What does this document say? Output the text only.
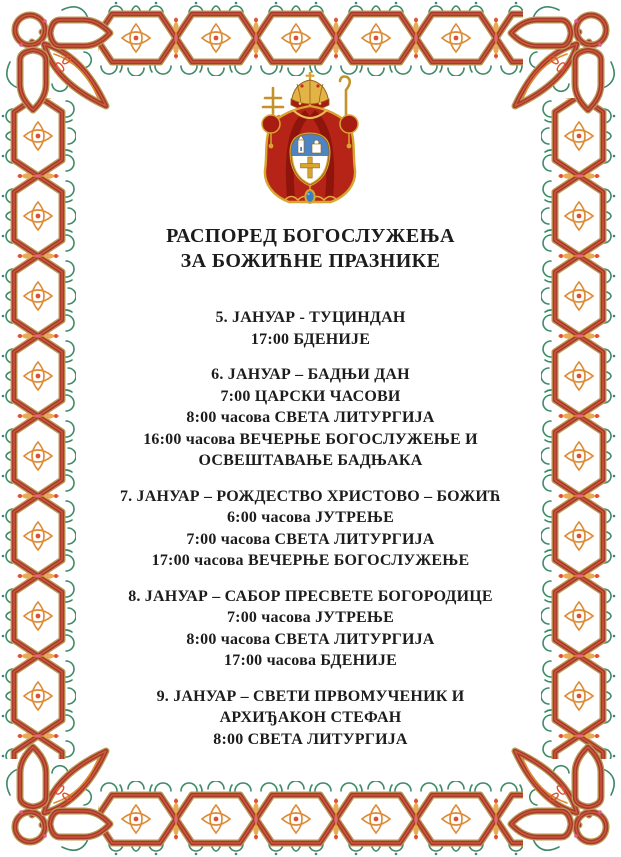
РАСПОРЕД БОГОСЛУЖЕЊА
ЗА БОЖИЋНЕ ПРАЗНИКЕ
5. ЈАНУАР - ТУЦИНДАН
17:00 БДЕНИЈЕ
6. ЈАНУАР – БАДЊИ ДАН
7:00 ЦАРСКИ ЧАСОВИ
8:00 часова СВЕТА ЛИТУРГИЈА
16:00 часова ВЕЧЕРЊЕ БОГОСЛУЖЕЊЕ И
ОСВЕШТАВАЊЕ БАДЊАКА
7. ЈАНУАР – РОЖДЕСТВО ХРИСТОВО – БОЖИЋ
6:00 часова ЈУТРЕЊЕ
7:00 часова СВЕТА ЛИТУРГИЈА
17:00 часова ВЕЧЕРЊЕ БОГОСЛУЖЕЊЕ
8. ЈАНУАР – САБОР ПРЕСВЕТЕ БОГОРОДИЦЕ
7:00 часова ЈУТРЕЊЕ
8:00 часова СВЕТА ЛИТУРГИЈА
17:00 часова БДЕНИЈЕ
9. ЈАНУАР – СВЕТИ ПРВОМУЧЕНИК И
АРХИЂАКОН СТЕФАН
8:00 СВЕТА ЛИТУРГИЈА
